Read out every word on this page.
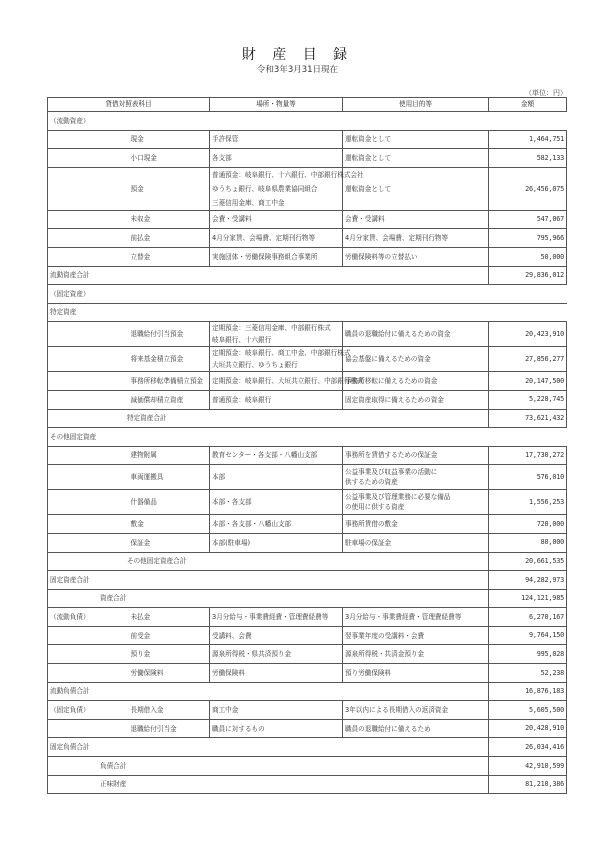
財 産 目 録
令和3年3月31日現在
（単位：円）
貸借対照表科目		場所・物量等	使用目的等	金額
（流動資産）				
	現金	手許保管	運転資金として	1,464,751
	小口現金	各支部	運転資金として	582,133
	預金	普通預金：岐阜銀行、十六銀行、中部銀行株式会社
ゆうちょ銀行、岐阜県農業協同組合
三菱信用金庫、商工中金	運転資金として	26,456,075
	未収金	会費・受講料	会費・受講料	547,067
	前払金	4月分家賃、会場費、定期刊行物等	4月分家賃、会場費、定期刊行物等	795,966
	立替金	実施団体・労働保険事務組合事業所	労働保険料等の立替払い	50,000
流動資産合計				29,836,012
（固定資産）				
特定資産				
	退職給付引当預金	定期預金：三菱信用金庫、中部銀行株式
岐阜銀行、十六銀行	職員の退職給付に備えるための資金	20,423,910
	将来基金積立預金	定期預金：岐阜銀行、商工中金、中部銀行株式
大垣共立銀行、ゆうちょ銀行	協会基盤に備えるための資金	27,856,277
	事務所移転準備積立預金	定期預金：岐阜銀行、大垣共立銀行、中部銀行株式	事務所移転に備えるための資金	20,147,500
	減価償却積立資産	普通預金：岐阜銀行	固定資産取得に備えるための資金	5,228,745
特定資産合計				73,621,432
その他固定資産				
	建物附属	教育センター・各支部・八幡山支部	事務所を賃借するための保証金	17,730,272
	車両運搬具	本部	公益事業及び収益事業の活動に
供するための資産	576,010
	什器備品	本部・各支部	公益事業及び管理業務に必要な備品
の使用に供する資産	1,556,253
	敷金	本部・各支部・八幡山支部	事務所賃借の敷金	720,000
	保証金	本部(駐車場)	駐車場の保証金	80,000
その他固定資産合計				20,661,535
固定資産合計				94,282,973
資産合計				124,121,985
（流動負債）	未払金	3月分給与・事業費経費・管理費経費等	3月分給与・事業費経費・管理費経費等	6,270,167
	前受金	受講料、会費	翌事業年度の受講料・会費	9,764,150
	預り金	源泉所得税・県共済預り金	源泉所得税・共済金預り金	995,028
	労働保険料	労働保険料	預り労働保険料	52,238
流動負債合計				16,876,183
（固定負債）	長期借入金	商工中金	3年以内による長期借入の返済資金	5,605,500
	退職給付引当金	職員に対するもの	職員の退職給付に備えるため	20,428,910
固定負債合計				26,034,416
負債合計				42,910,599
正味財産				81,210,386
